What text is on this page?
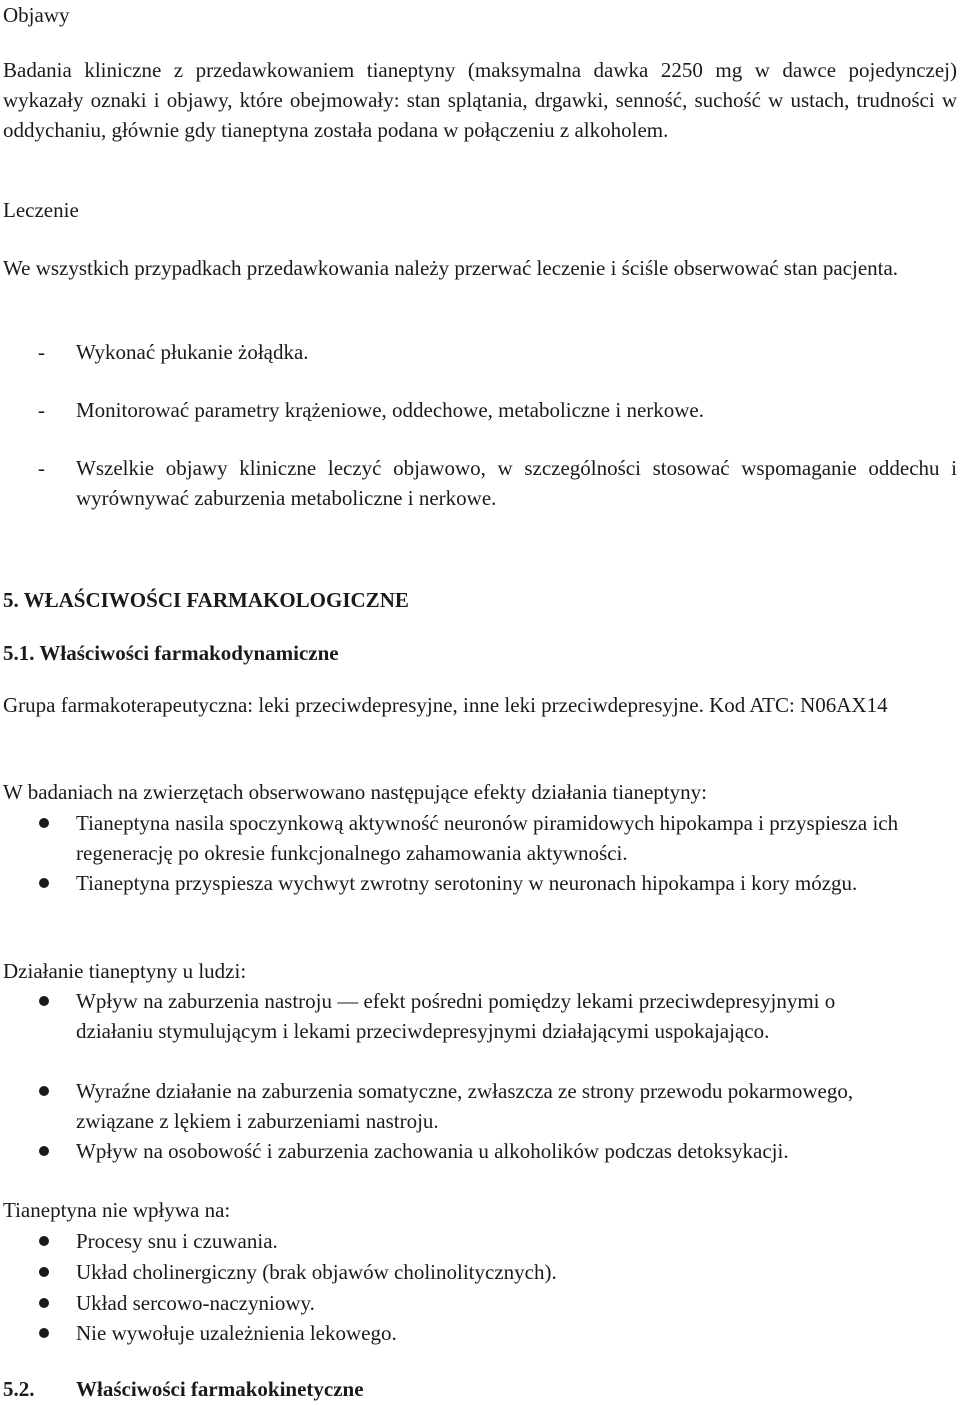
Objawy
Badania kliniczne z przedawkowaniem tianeptyny (maksymalna dawka 2250 mg w dawce pojedynczej) wykazały oznaki i objawy, które obejmowały: stan splątania, drgawki, senność, suchość w ustach, trudności w oddychaniu, głównie gdy tianeptyna została podana w połączeniu z alkoholem.
Leczenie
We wszystkich przypadkach przedawkowania należy przerwać leczenie i ściśle obserwować stan pacjenta.
- Wykonać płukanie żołądka.
- Monitorować parametry krążeniowe, oddechowe, metaboliczne i nerkowe.
- Wszelkie objawy kliniczne leczyć objawowo, w szczególności stosować wspomaganie oddechu i wyrównywać zaburzenia metaboliczne i nerkowe.
5. WŁAŚCIWOŚCI FARMAKOLOGICZNE
5.1. Właściwości farmakodynamiczne
Grupa farmakoterapeutyczna: leki przeciwdepresyjne, inne leki przeciwdepresyjne. Kod ATC: N06AX14
W badaniach na zwierzętach obserwowano następujące efekty działania tianeptyny:
Tianeptyna nasila spoczynkową aktywność neuronów piramidowych hipokampa i przyspiesza ich regenerację po okresie funkcjonalnego zahamowania aktywności.
Tianeptyna przyspiesza wychwyt zwrotny serotoniny w neuronach hipokampa i kory mózgu.
Działanie tianeptyny u ludzi:
Wpływ na zaburzenia nastroju — efekt pośredni pomiędzy lekami przeciwdepresyjnymi o działaniu stymulującym i lekami przeciwdepresyjnymi działającymi uspokajająco.
Wyraźne działanie na zaburzenia somatyczne, zwłaszcza ze strony przewodu pokarmowego, związane z lękiem i zaburzeniami nastroju.
Wpływ na osobowość i zaburzenia zachowania u alkoholików podczas detoksykacji.
Tianeptyna nie wpływa na:
Procesy snu i czuwania.
Układ cholinergiczny (brak objawów cholinolitycznych).
Układ sercowo-naczyniowy.
Nie wywołuje uzależnienia lekowego.
5.2. Właściwości farmakokinetyczne
